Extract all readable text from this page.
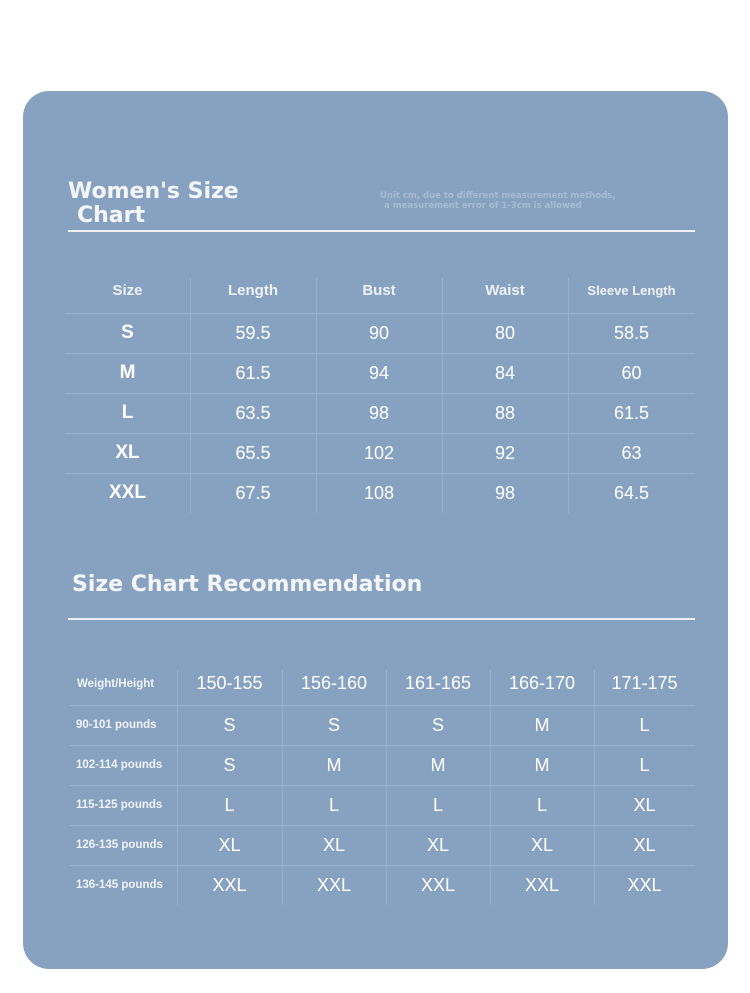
Women's Size
Chart
Unit cm, due to different measurement methods,
a measurement error of 1-3cm is allowed
Size	Length	Bust	Waist	Sleeve Length
S	59.5	90	80	58.5
M	61.5	94	84	60
L	63.5	98	88	61.5
XL	65.5	102	92	63
XXL	67.5	108	98	64.5
Size Chart Recommendation
Weight/Height	150-155	156-160	161-165	166-170	171-175
90-101 pounds	S	S	S	M	L
102-114 pounds	S	M	M	M	L
115-125 pounds	L	L	L	L	XL
126-135 pounds	XL	XL	XL	XL	XL
136-145 pounds	XXL	XXL	XXL	XXL	XXL
